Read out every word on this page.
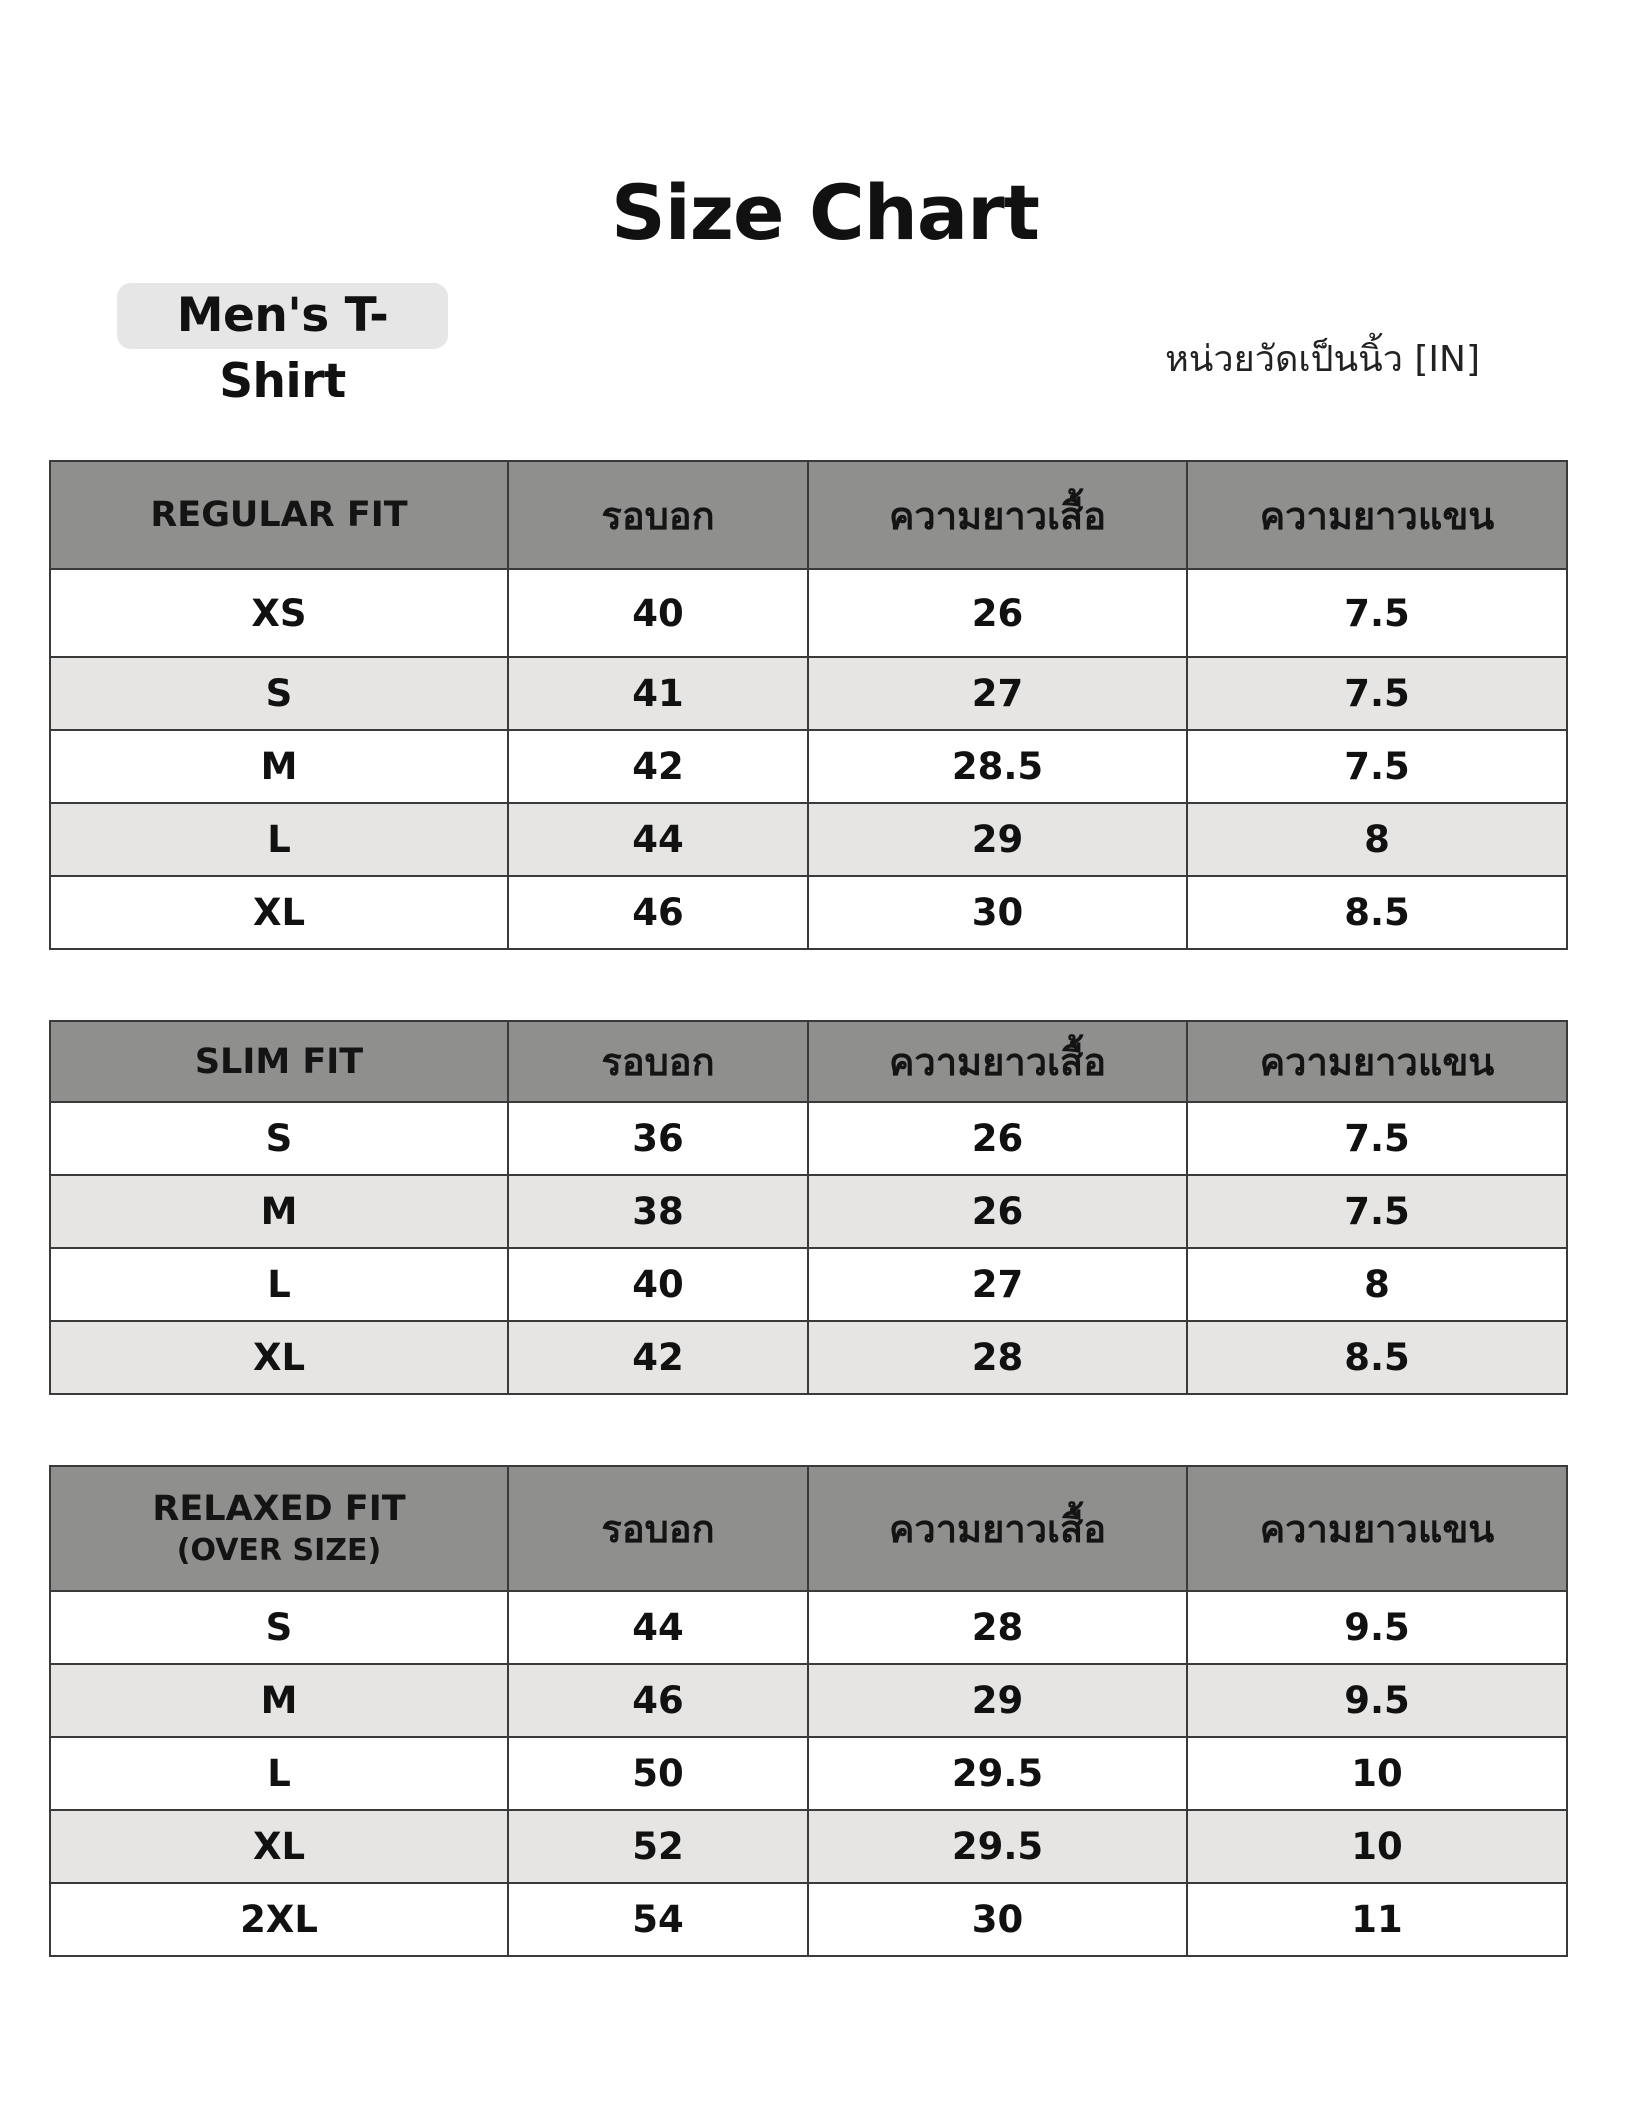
Size Chart
Men's T-Shirt	หน่วยวัดเป็นนิ้ว [IN]
REGULAR FIT	รอบอก	ความยาวเสื้อ	ความยาวแขน
XS	40	26	7.5
S	41	27	7.5
M	42	28.5	7.5
L	44	29	8
XL	46	30	8.5
SLIM FIT	รอบอก	ความยาวเสื้อ	ความยาวแขน
S	36	26	7.5
M	38	26	7.5
L	40	27	8
XL	42	28	8.5
RELAXED FIT
(OVER SIZE)	รอบอก	ความยาวเสื้อ	ความยาวแขน
S	44	28	9.5
M	46	29	9.5
L	50	29.5	10
XL	52	29.5	10
2XL	54	30	11
